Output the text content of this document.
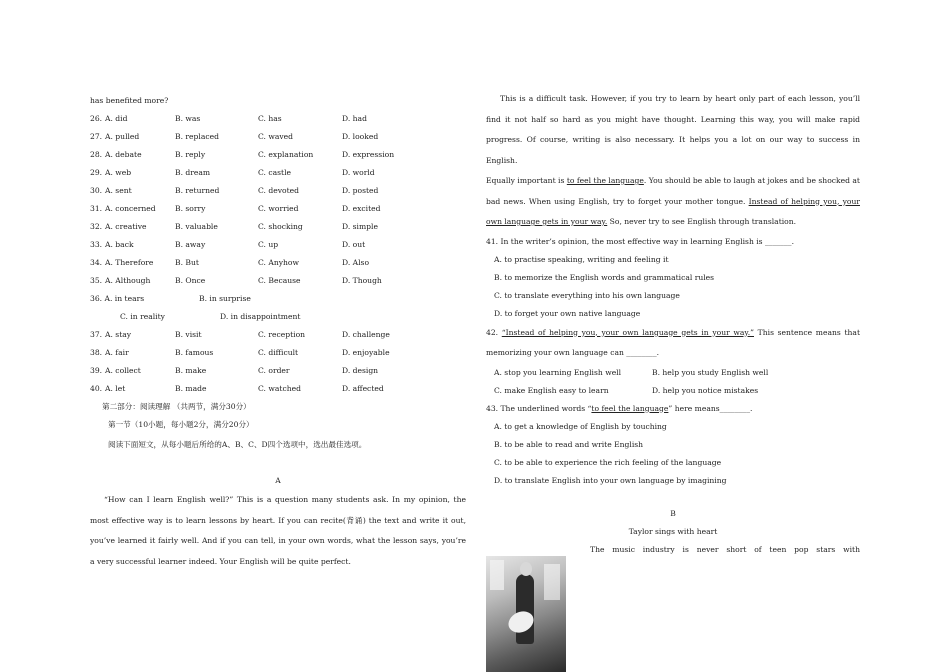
has benefited more?
26. A. did	B. was	C. has	D. had
27. A. pulled	B. replaced	C. waved	D. looked
28. A. debate	B. reply	C. explanation	D. expression
29. A. web	B. dream	C. castle	D. world
30. A. sent	B. returned	C. devoted	D. posted
31. A. concerned	B. sorry	C. worried	D. excited
32. A. creative	B. valuable	C. shocking	D. simple
33. A. back	B. away	C. up	D. out
34. A. Therefore	B. But	C. Anyhow	D. Also
35. A. Although	B. Once	C. Because	D. Though
36. A. in tears	B. in surprise
C. in reality	D. in disappointment
37. A. stay	B. visit	C. reception	D. challenge
38. A. fair	B. famous	C. difficult	D. enjoyable
39. A. collect	B. make	C. order	D. design
40. A. let	B. made	C. watched	D. affected
第二部分：阅读理解 （共两节，满分30分）
第一节（10小题，每小题2分，满分20分）
阅读下面短文，从每小题后所给的A、B、C、D四个选项中，选出最佳选项。
A

“How can I learn English well?” This is a question many students ask. In my opinion, the most effective way is to learn lessons by heart. If you can recite(背诵) the text and write it out, you’ve learned it fairly well. And if you can tell, in your own words, what the lesson says, you’re a very successful learner indeed. Your English will be quite perfect.

This is a difficult task. However, if you try to learn by heart only part of each lesson, you’ll find it not half so hard as you might have thought. Learning this way, you will make rapid progress. Of course, writing is also necessary. It helps you a lot on our way to success in English.

Equally important is to feel the language. You should be able to laugh at jokes and be shocked at bad news. When using English, try to forget your mother tongue. Instead of helping you, your own language gets in your way. So, never try to see English through translation.

41. In the writer’s opinion, the most effective way in learning English is _______.
A. to practise speaking, writing and feeling it
B. to memorize the English words and grammatical rules
C. to translate everything into his own language
D. to forget your own native language

42. “Instead of helping you, your own language gets in your way.” This sentence means that memorizing your own language can ________.

A. stop you learning English well	B. help you study English well
C. make English easy to learn	D. help you notice mistakes
43. The underlined words “to feel the language” here means________.
A. to get a knowledge of English by touching
B. to be able to read and write English
C. to be able to experience the rich feeling of the language
D. to translate English into your own language by imagining
B
Taylor sings with heart
The music industry is never short of teen pop stars with
